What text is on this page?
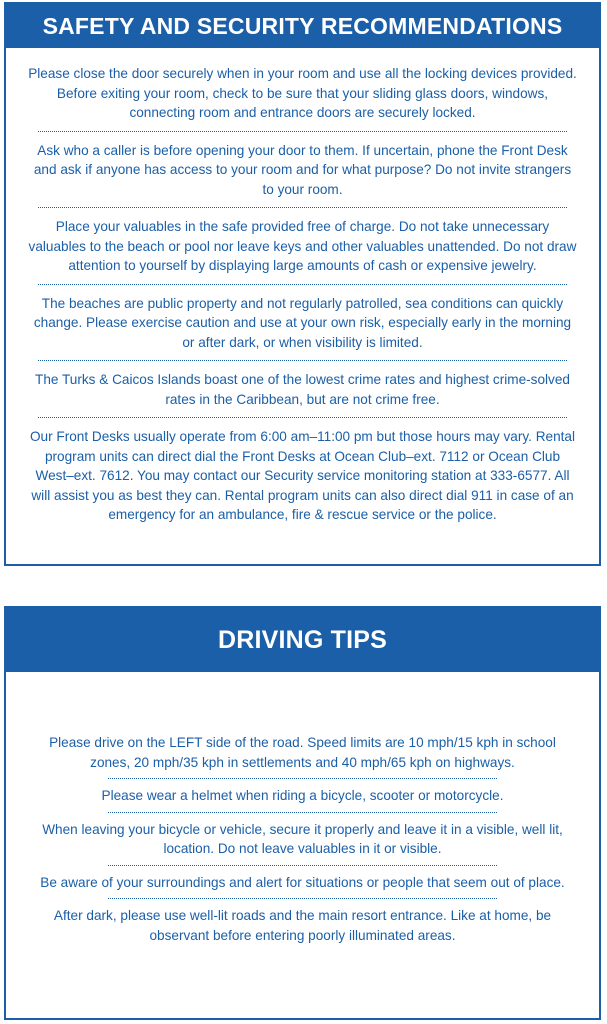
SAFETY AND SECURITY RECOMMENDATIONS
Please close the door securely when in your room and use all the locking devices provided. Before exiting your room, check to be sure that your sliding glass doors, windows, connecting room and entrance doors are securely locked.
Ask who a caller is before opening your door to them. If uncertain, phone the Front Desk and ask if anyone has access to your room and for what purpose? Do not invite strangers to your room.
Place your valuables in the safe provided free of charge. Do not take unnecessary valuables to the beach or pool nor leave keys and other valuables unattended. Do not draw attention to yourself by displaying large amounts of cash or expensive jewelry.
The beaches are public property and not regularly patrolled, sea conditions can quickly change. Please exercise caution and use at your own risk, especially early in the morning or after dark, or when visibility is limited.
The Turks & Caicos Islands boast one of the lowest crime rates and highest crime-solved rates in the Caribbean, but are not crime free.
Our Front Desks usually operate from 6:00 am–11:00 pm but those hours may vary. Rental program units can direct dial the Front Desks at Ocean Club–ext. 7112 or Ocean Club West–ext. 7612. You may contact our Security service monitoring station at 333-6577. All will assist you as best they can. Rental program units can also direct dial 911 in case of an emergency for an ambulance, fire & rescue service or the police.
DRIVING TIPS
Please drive on the LEFT side of the road. Speed limits are 10 mph/15 kph in school zones, 20 mph/35 kph in settlements and 40 mph/65 kph on highways.
Please wear a helmet when riding a bicycle, scooter or motorcycle.
When leaving your bicycle or vehicle, secure it properly and leave it in a visible, well lit, location. Do not leave valuables in it or visible.
Be aware of your surroundings and alert for situations or people that seem out of place.
After dark, please use well-lit roads and the main resort entrance. Like at home, be observant before entering poorly illuminated areas.
